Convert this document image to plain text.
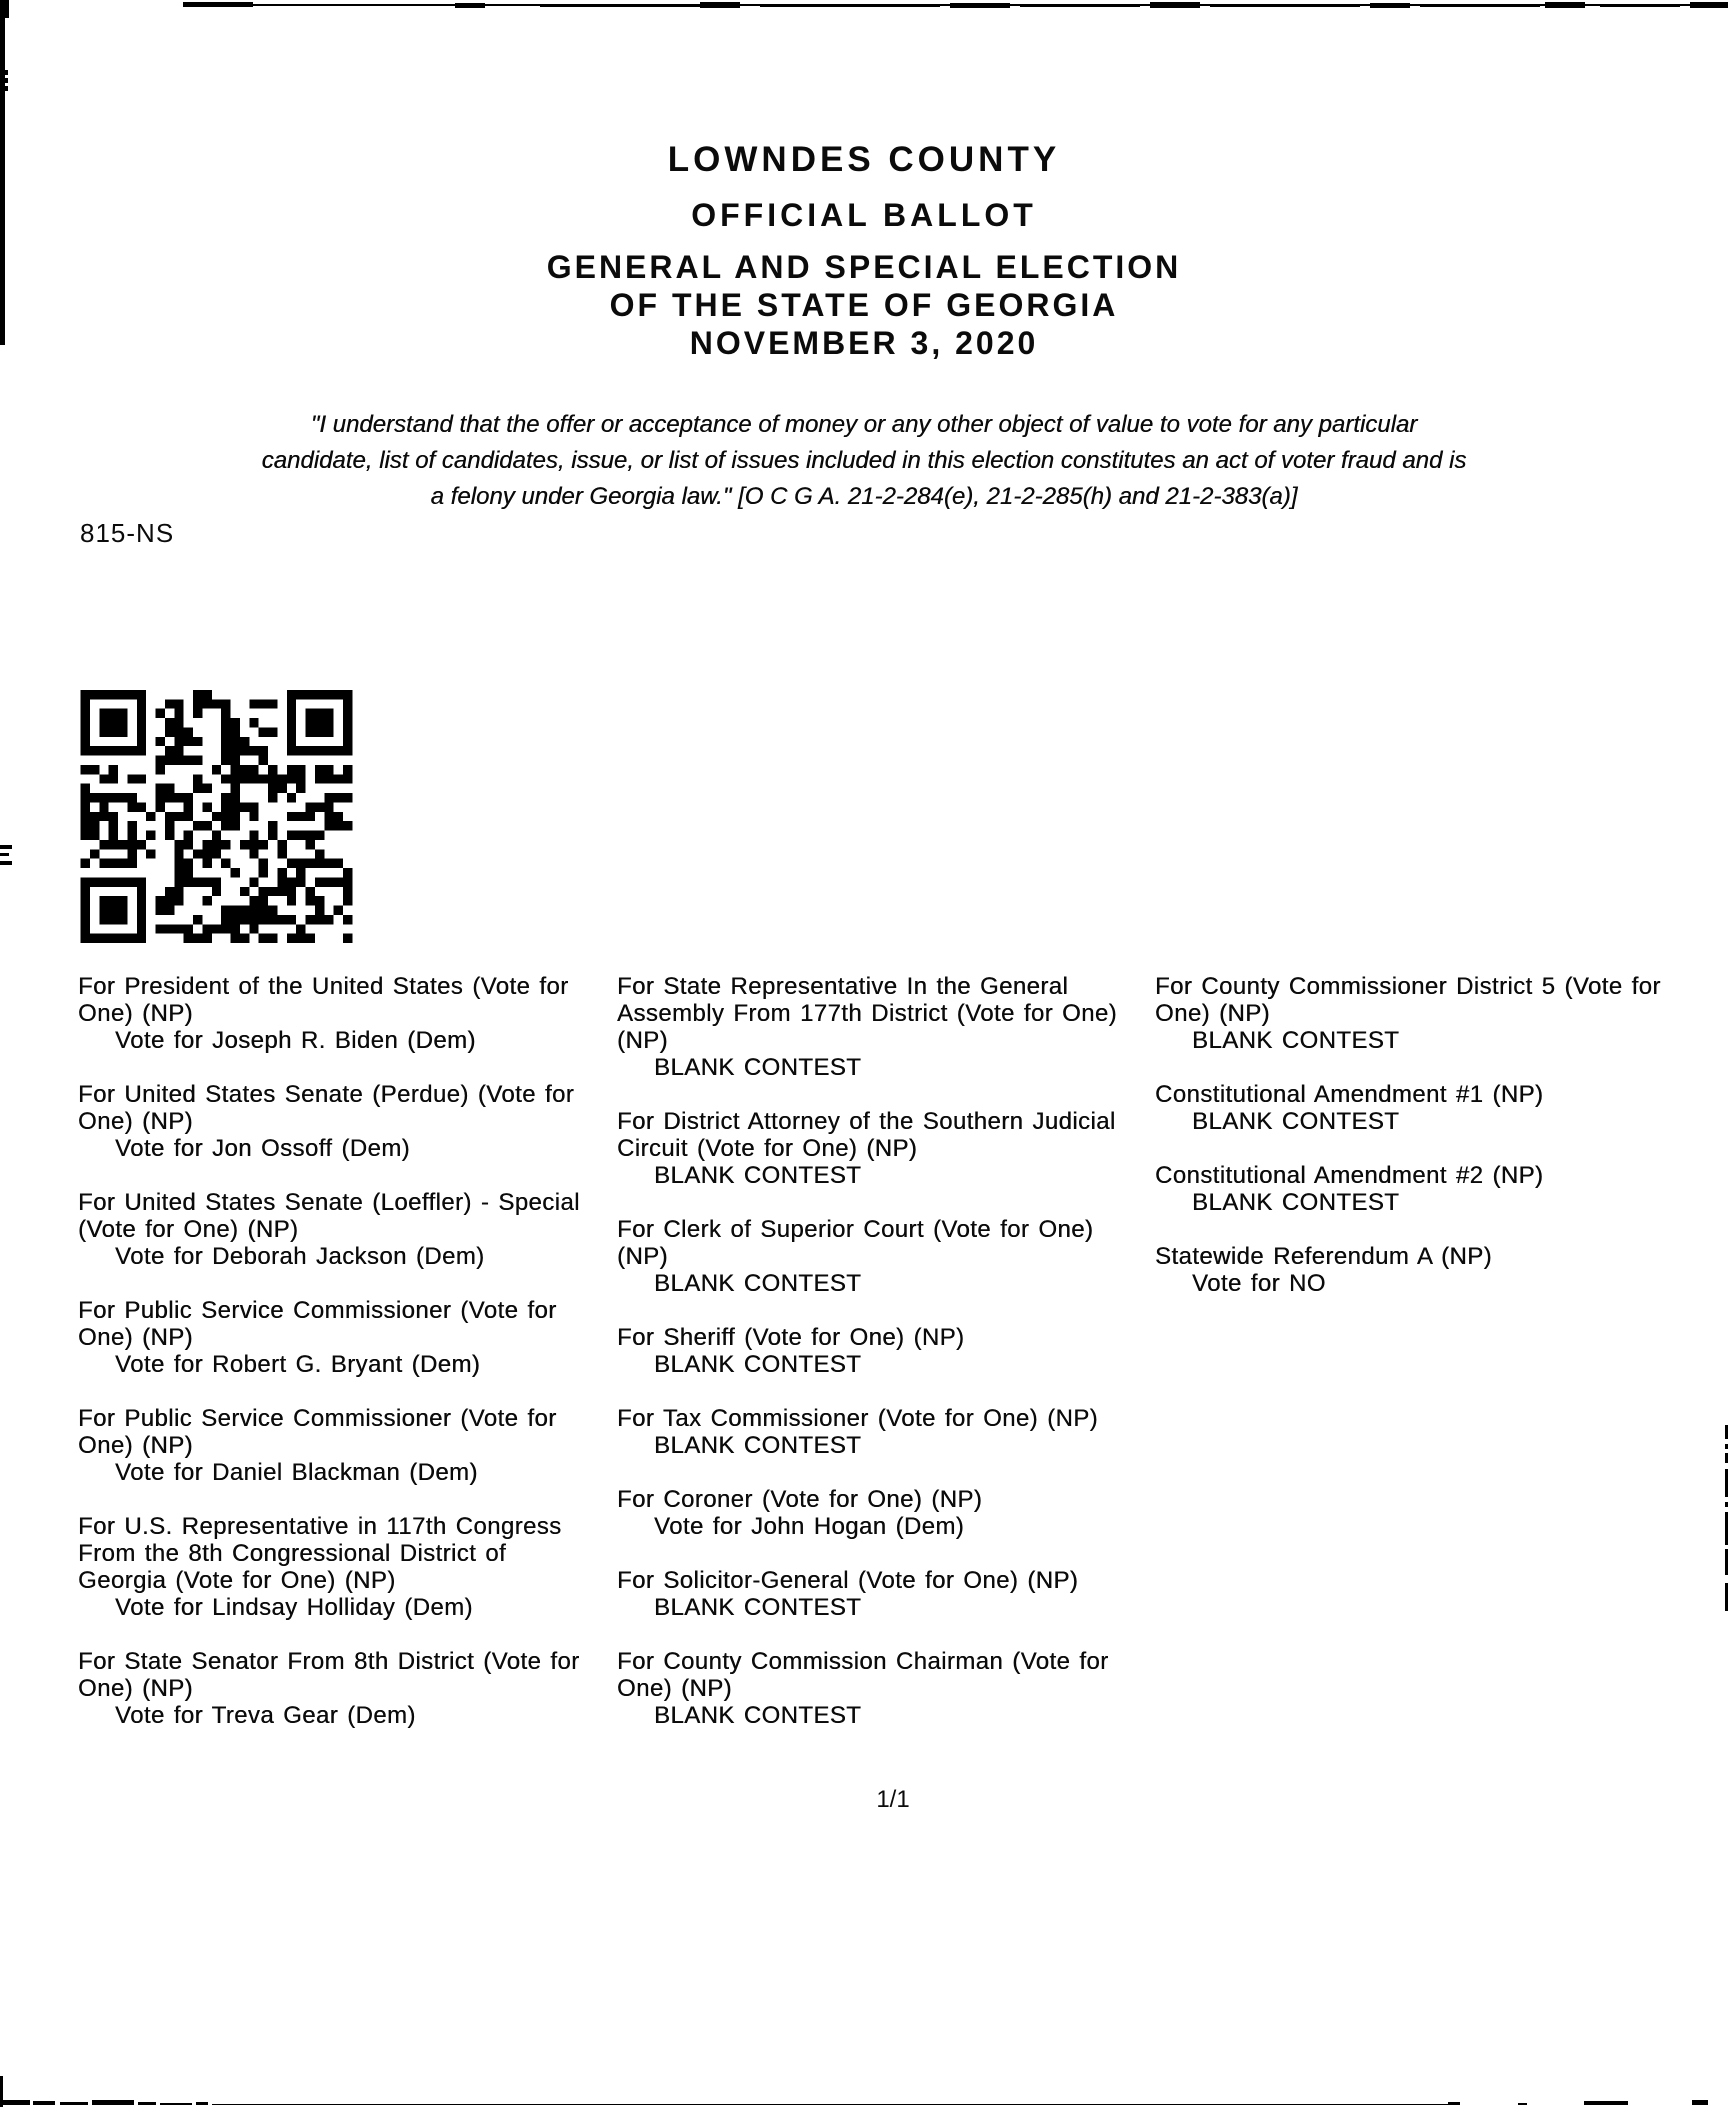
LOWNDES COUNTY
OFFICIAL BALLOT
GENERAL AND SPECIAL ELECTION
OF THE STATE OF GEORGIA
NOVEMBER 3, 2020

"I understand that the offer or acceptance of money or any other object of value to vote for any particular candidate, list of candidates, issue, or list of issues included in this election constitutes an act of voter fraud and is a felony under Georgia law." [O C G A. 21-2-284(e), 21-2-285(h) and 21-2-383(a)]

815-NS
For President of the United States (Vote for One) (NP)
Vote for Joseph R. Biden (Dem)
For United States Senate (Perdue) (Vote for One) (NP)
Vote for Jon Ossoff (Dem)
For United States Senate (Loeffler) - Special (Vote for One) (NP)
Vote for Deborah Jackson (Dem)
For Public Service Commissioner (Vote for One) (NP)
Vote for Robert G. Bryant (Dem)
For Public Service Commissioner (Vote for One) (NP)
Vote for Daniel Blackman (Dem)
For U.S. Representative in 117th Congress From the 8th Congressional District of Georgia (Vote for One) (NP)
Vote for Lindsay Holliday (Dem)
For State Senator From 8th District (Vote for One) (NP)
Vote for Treva Gear (Dem)
For State Representative In the General Assembly From 177th District (Vote for One) (NP)
BLANK CONTEST
For District Attorney of the Southern Judicial Circuit (Vote for One) (NP)
BLANK CONTEST
For Clerk of Superior Court (Vote for One) (NP)
BLANK CONTEST
For Sheriff (Vote for One) (NP)
BLANK CONTEST
For Tax Commissioner (Vote for One) (NP)
BLANK CONTEST
For Coroner (Vote for One) (NP)
Vote for John Hogan (Dem)
For Solicitor-General (Vote for One) (NP)
BLANK CONTEST
For County Commission Chairman (Vote for One) (NP)
BLANK CONTEST
For County Commissioner District 5 (Vote for One) (NP)
BLANK CONTEST
Constitutional Amendment #1 (NP)
BLANK CONTEST
Constitutional Amendment #2 (NP)
BLANK CONTEST
Statewide Referendum A (NP)
Vote for NO
1/1
